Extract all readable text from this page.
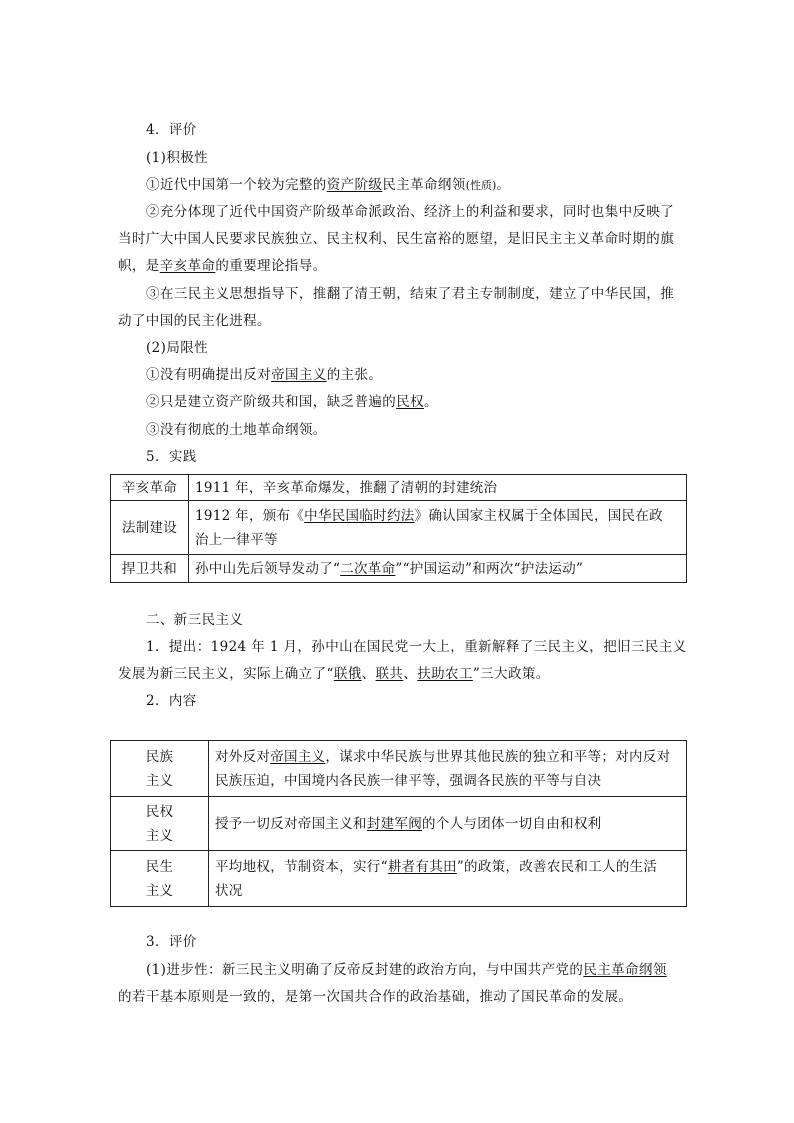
4．评价
(1)积极性
①近代中国第一个较为完整的资产阶级民主革命纲领(性质)。
②充分体现了近代中国资产阶级革命派政治、经济上的利益和要求，同时也集中反映了
当时广大中国人民要求民族独立、民主权利、民生富裕的愿望，是旧民主主义革命时期的旗
帜，是辛亥革命的重要理论指导。
③在三民主义思想指导下，推翻了清王朝，结束了君主专制制度，建立了中华民国，推
动了中国的民主化进程。
(2)局限性
①没有明确提出反对帝国主义的主张。
②只是建立资产阶级共和国，缺乏普遍的民权。
③没有彻底的土地革命纲领。
5．实践
辛亥革命	1911 年，辛亥革命爆发，推翻了清朝的封建统治
法制建设	1912 年，颁布《中华民国临时约法》确认国家主权属于全体国民，国民在政
治上一律平等
捍卫共和	孙中山先后领导发动了“二次革命”“护国运动”和两次“护法运动”
二、新三民主义
1．提出：1924 年 1 月，孙中山在国民党一大上，重新解释了三民主义，把旧三民主义
发展为新三民主义，实际上确立了“联俄、联共、扶助农工”三大政策。
2．内容
民族
主义	对外反对帝国主义，谋求中华民族与世界其他民族的独立和平等；对内反对
民族压迫，中国境内各民族一律平等，强调各民族的平等与自决
民权
主义	授予一切反对帝国主义和封建军阀的个人与团体一切自由和权利
民生
主义	平均地权，节制资本，实行“耕者有其田”的政策，改善农民和工人的生活
状况
3．评价
(1)进步性：新三民主义明确了反帝反封建的政治方向，与中国共产党的民主革命纲领
的若干基本原则是一致的，是第一次国共合作的政治基础，推动了国民革命的发展。
